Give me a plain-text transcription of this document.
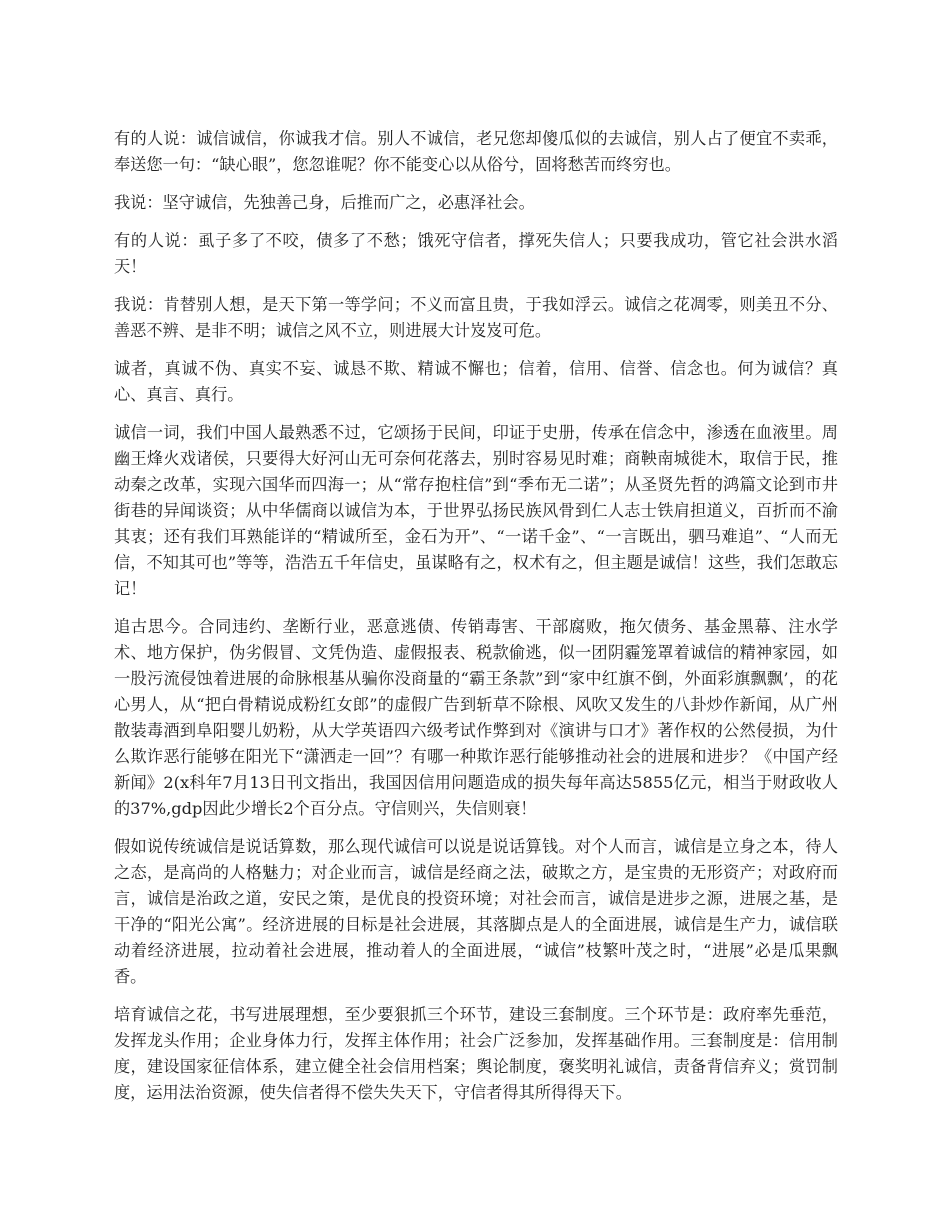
有的人说：诚信诚信，你诚我才信。别人不诚信，老兄您却傻瓜似的去诚信，别人占了便宜不卖乖，奉送您一句：“缺心眼”，您忽谁呢？你不能变心以从俗兮，固将愁苦而终穷也。

我说：坚守诚信，先独善己身，后推而广之，必惠泽社会。

有的人说：虱子多了不咬，债多了不愁；饿死守信者，撑死失信人；只要我成功，管它社会洪水滔天！

我说：肯替别人想，是天下第一等学问；不义而富且贵，于我如浮云。诚信之花凋零，则美丑不分、善恶不辨、是非不明；诚信之风不立，则进展大计岌岌可危。

诚者，真诚不伪、真实不妄、诚恳不欺、精诚不懈也；信着，信用、信誉、信念也。何为诚信？真心、真言、真行。

诚信一词，我们中国人最熟悉不过，它颂扬于民间，印证于史册，传承在信念中，渗透在血液里。周幽王烽火戏诸侯，只要得大好河山无可奈何花落去，别时容易见时难；商鞅南城徙木，取信于民，推动秦之改革，实现六国华而四海一；从“常存抱柱信”到“季布无二诺”；从圣贤先哲的鸿篇文论到市井街巷的异闻谈资；从中华儒商以诚信为本，于世界弘扬民族风骨到仁人志士铁肩担道义，百折而不渝其衷；还有我们耳熟能详的“精诚所至，金石为开”、“一诺千金”、“一言既出，驷马难追”、“人而无信，不知其可也”等等，浩浩五千年信史，虽谋略有之，权术有之，但主题是诚信！这些，我们怎敢忘记！

追古思今。合同违约、垄断行业，恶意逃债、传销毒害、干部腐败，拖欠债务、基金黑幕、注水学术、地方保护，伪劣假冒、文凭伪造、虚假报表、税款偷逃，似一团阴霾笼罩着诚信的精神家园，如一股污流侵蚀着进展的命脉根基从骗你没商量的“霸王条款”到“家中红旗不倒，外面彩旗飘飘’，的花心男人，从“把白骨精说成粉红女郎”的虚假广告到斩草不除根、风吹又发生的八卦炒作新闻，从广州散装毒酒到阜阳婴儿奶粉，从大学英语四六级考试作弊到对《演讲与口才》著作权的公然侵损，为什么欺诈恶行能够在阳光下“潇洒走一回”？有哪一种欺诈恶行能够推动社会的进展和进步？《中国产经新闻》2(x科年7月13日刊文指出，我国因信用问题造成的损失每年高达5855亿元，相当于财政收人的37%,gdp因此少增长2个百分点。守信则兴，失信则衰！

假如说传统诚信是说话算数，那么现代诚信可以说是说话算钱。对个人而言，诚信是立身之本，待人之态，是高尚的人格魅力；对企业而言，诚信是经商之法，破欺之方，是宝贵的无形资产；对政府而言，诚信是治政之道，安民之策，是优良的投资环境；对社会而言，诚信是进步之源，进展之基，是干净的“阳光公寓”。经济进展的目标是社会进展，其落脚点是人的全面进展，诚信是生产力，诚信联动着经济进展，拉动着社会进展，推动着人的全面进展，“诚信”枝繁叶茂之时，“进展”必是瓜果飘香。

培育诚信之花，书写进展理想，至少要狠抓三个环节，建设三套制度。三个环节是：政府率先垂范，发挥龙头作用；企业身体力行，发挥主体作用；社会广泛参加，发挥基础作用。三套制度是：信用制度，建设国家征信体系，建立健全社会信用档案；舆论制度，褒奖明礼诚信，责备背信弃义；赏罚制度，运用法治资源，使失信者得不偿失失天下，守信者得其所得得天下。
